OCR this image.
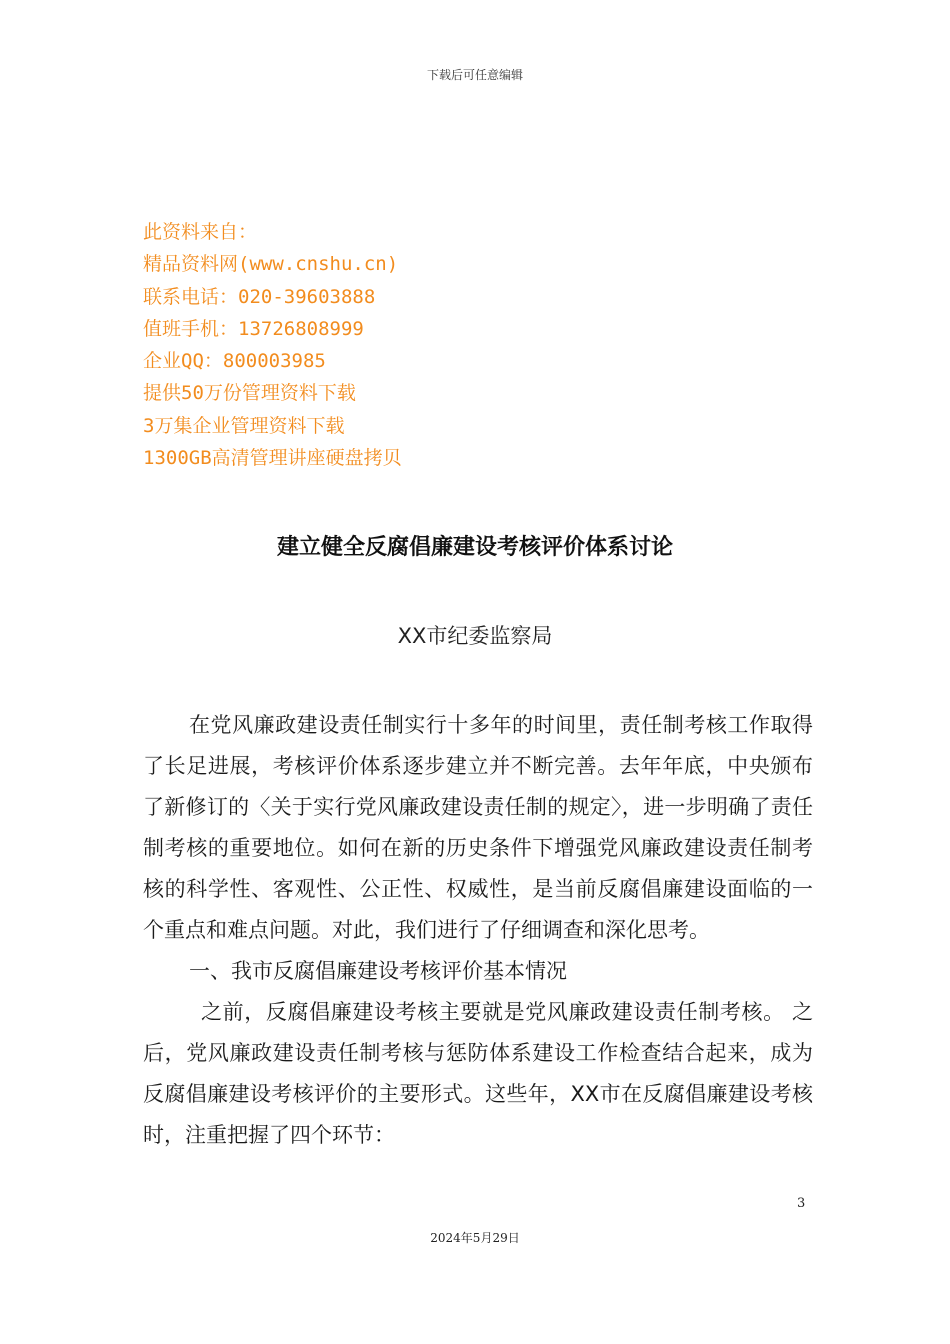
下载后可任意编辑
此资料来自：
精品资料网(www.cnshu.cn)
联系电话：020-39603888
值班手机：13726808999
企业QQ：800003985
提供50万份管理资料下载
3万集企业管理资料下载
1300GB高清管理讲座硬盘拷贝
建立健全反腐倡廉建设考核评价体系讨论
XX市纪委监察局

在党风廉政建设责任制实行十多年的时间里，责任制考核工作取得了长足进展，考核评价体系逐步建立并不断完善。去年年底，中央颁布了新修订的〈关于实行党风廉政建设责任制的规定〉，进一步明确了责任制考核的重要地位。如何在新的历史条件下增强党风廉政建设责任制考核的科学性、客观性、公正性、权威性，是当前反腐倡廉建设面临的一个重点和难点问题。对此，我们进行了仔细调查和深化思考。

一、我市反腐倡廉建设考核评价基本情况

之前，反腐倡廉建设考核主要就是党风廉政建设责任制考核。 之后，党风廉政建设责任制考核与惩防体系建设工作检查结合起来，成为反腐倡廉建设考核评价的主要形式。这些年，XX市在反腐倡廉建设考核时，注重把握了四个环节：

3
2024年5月29日
